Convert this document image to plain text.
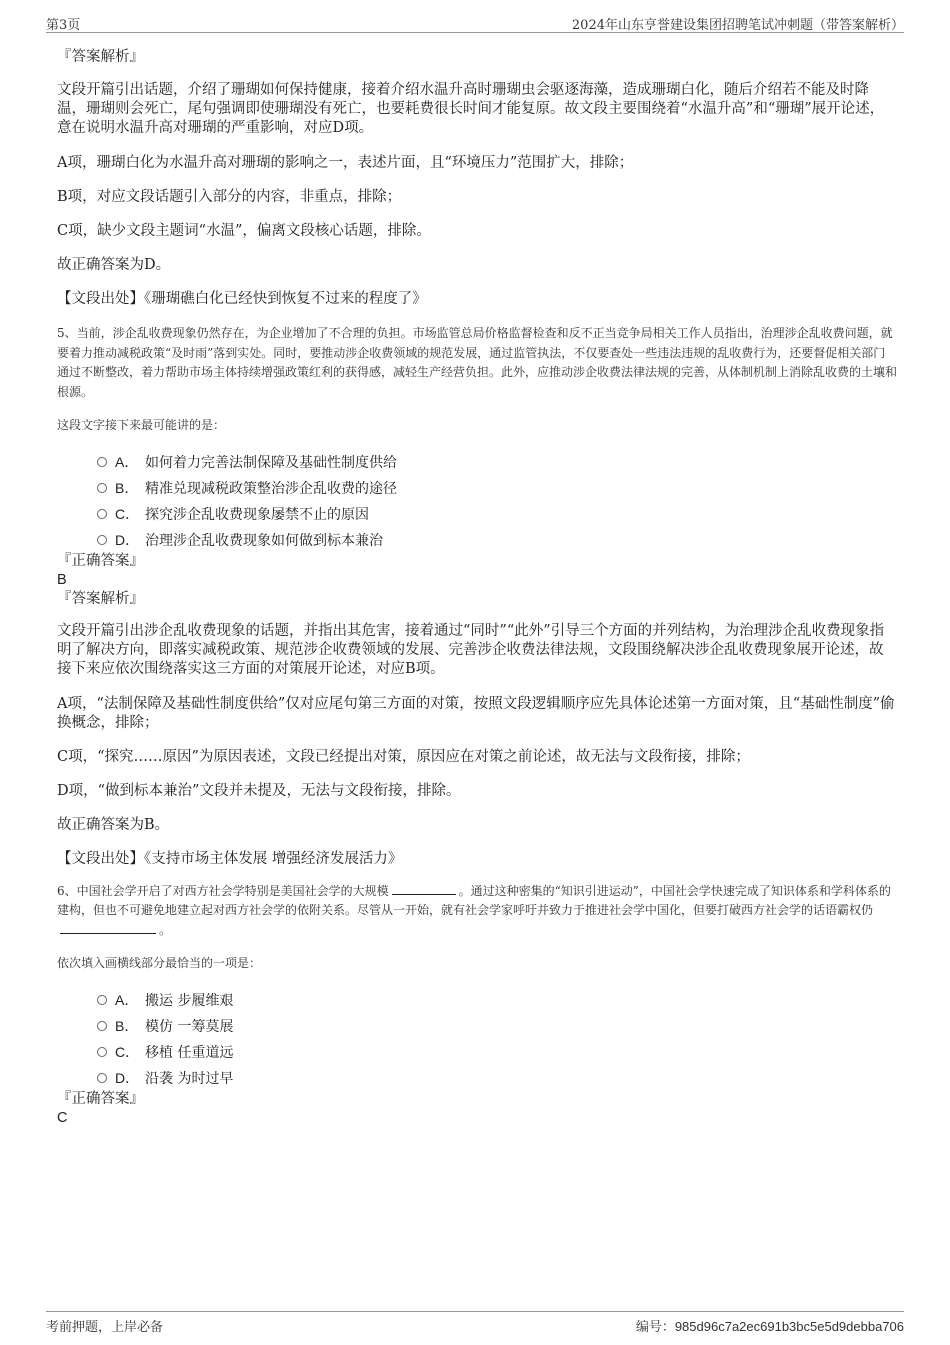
第3页	2024年山东亨誉建设集团招聘笔试冲刺题（带答案解析）
『答案解析』

文段开篇引出话题，介绍了珊瑚如何保持健康，接着介绍水温升高时珊瑚虫会驱逐海藻，造成珊瑚白化，随后介绍若不能及时降温，珊瑚则会死亡，尾句强调即使珊瑚没有死亡，也要耗费很长时间才能复原。故文段主要围绕着“水温升高”和“珊瑚”展开论述，意在说明水温升高对珊瑚的严重影响，对应D项。

A项，珊瑚白化为水温升高对珊瑚的影响之一，表述片面，且“环境压力”范围扩大，排除；

B项，对应文段话题引入部分的内容，非重点，排除；

C项，缺少文段主题词“水温”，偏离文段核心话题，排除。

故正确答案为D。

【文段出处】《珊瑚礁白化已经快到恢复不过来的程度了》

5、当前，涉企乱收费现象仍然存在，为企业增加了不合理的负担。市场监管总局价格监督检查和反不正当竞争局相关工作人员指出，治理涉企乱收费问题，就要着力推动减税政策“及时雨”落到实处。同时，要推动涉企收费领域的规范发展，通过监管执法，不仅要查处一些违法违规的乱收费行为，还要督促相关部门通过不断整改，着力帮助市场主体持续增强政策红利的获得感，减轻生产经营负担。此外，应推动涉企收费法律法规的完善，从体制机制上消除乱收费的土壤和根源。

这段文字接下来最可能讲的是：

A． 如何着力完善法制保障及基础性制度供给
B． 精准兑现减税政策整治涉企乱收费的途径
C． 探究涉企乱收费现象屡禁不止的原因
D． 治理涉企乱收费现象如何做到标本兼治
『正确答案』
B
『答案解析』

文段开篇引出涉企乱收费现象的话题，并指出其危害，接着通过“同时”“此外”引导三个方面的并列结构，为治理涉企乱收费现象指明了解决方向，即落实减税政策、规范涉企收费领域的发展、完善涉企收费法律法规，文段围绕解决涉企乱收费现象展开论述，故接下来应依次围绕落实这三方面的对策展开论述，对应B项。

A项，“法制保障及基础性制度供给”仅对应尾句第三方面的对策，按照文段逻辑顺序应先具体论述第一方面对策，且“基础性制度”偷换概念，排除；

C项，“探究……原因”为原因表述，文段已经提出对策，原因应在对策之前论述，故无法与文段衔接，排除；

D项，“做到标本兼治”文段并未提及，无法与文段衔接，排除。

故正确答案为B。

【文段出处】《支持市场主体发展 增强经济发展活力》

6、中国社会学开启了对西方社会学特别是美国社会学的大规模	。通过这种密集的“知识引进运动”，中国社会学快速完成了知识体系和学科体系的建构，但也不可避免地建立起对西方社会学的依附关系。尽管从一开始，就有社会学家呼吁并致力于推进社会学中国化，但要打破西方社会学的话语霸权仍。

依次填入画横线部分最恰当的一项是：

A． 搬运 步履维艰
B． 模仿 一筹莫展
C． 移植 任重道远
D． 沿袭 为时过早
『正确答案』
C
考前押题，上岸必备	编号：985d96c7a2ec691b3bc5e5d9debba706
